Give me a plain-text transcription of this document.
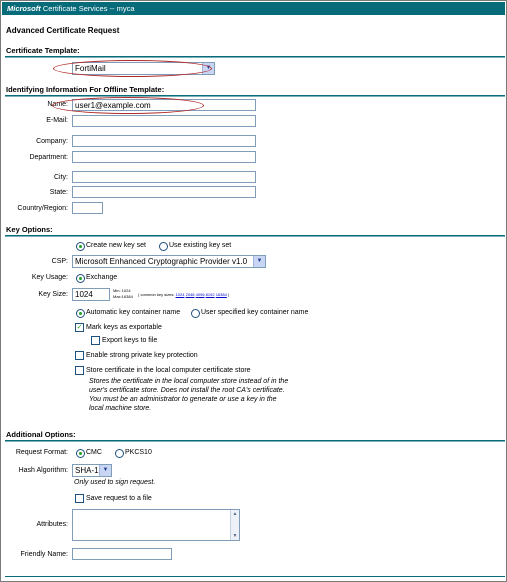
Microsoft Certificate Services -- myca
Advanced Certificate Request
Certificate Template:
FortiMail	▼
Identifying Information For Offline Template:
Name: user1@example.com
E-Mail:
Company:
Department:
City:
State:
Country/Region:
Key Options:
Create new key set	Use existing key set
CSP: Microsoft Enhanced Cryptographic Provider v1.0	▼
Key Usage:	Exchange
Key Size: 1024	Min: 1024
Max:16384 ( common key sizes: 1024 2048 4096 8192 16384 )
Automatic key container name	User specified key container name
✓ Mark keys as exportable
Export keys to file
Enable strong private key protection
Store certificate in the local computer certificate store
Stores the certificate in the local computer store instead of in the user's certificate store. Does not install the root CA's certificate. You must be an administrator to generate or use a key in the local machine store.
Additional Options:
Request Format:	CMC	PKCS10
Hash Algorithm: SHA-1 ▼
Only used to sign request.
Save request to a file
Attributes:
▲
▼
Friendly Name:
